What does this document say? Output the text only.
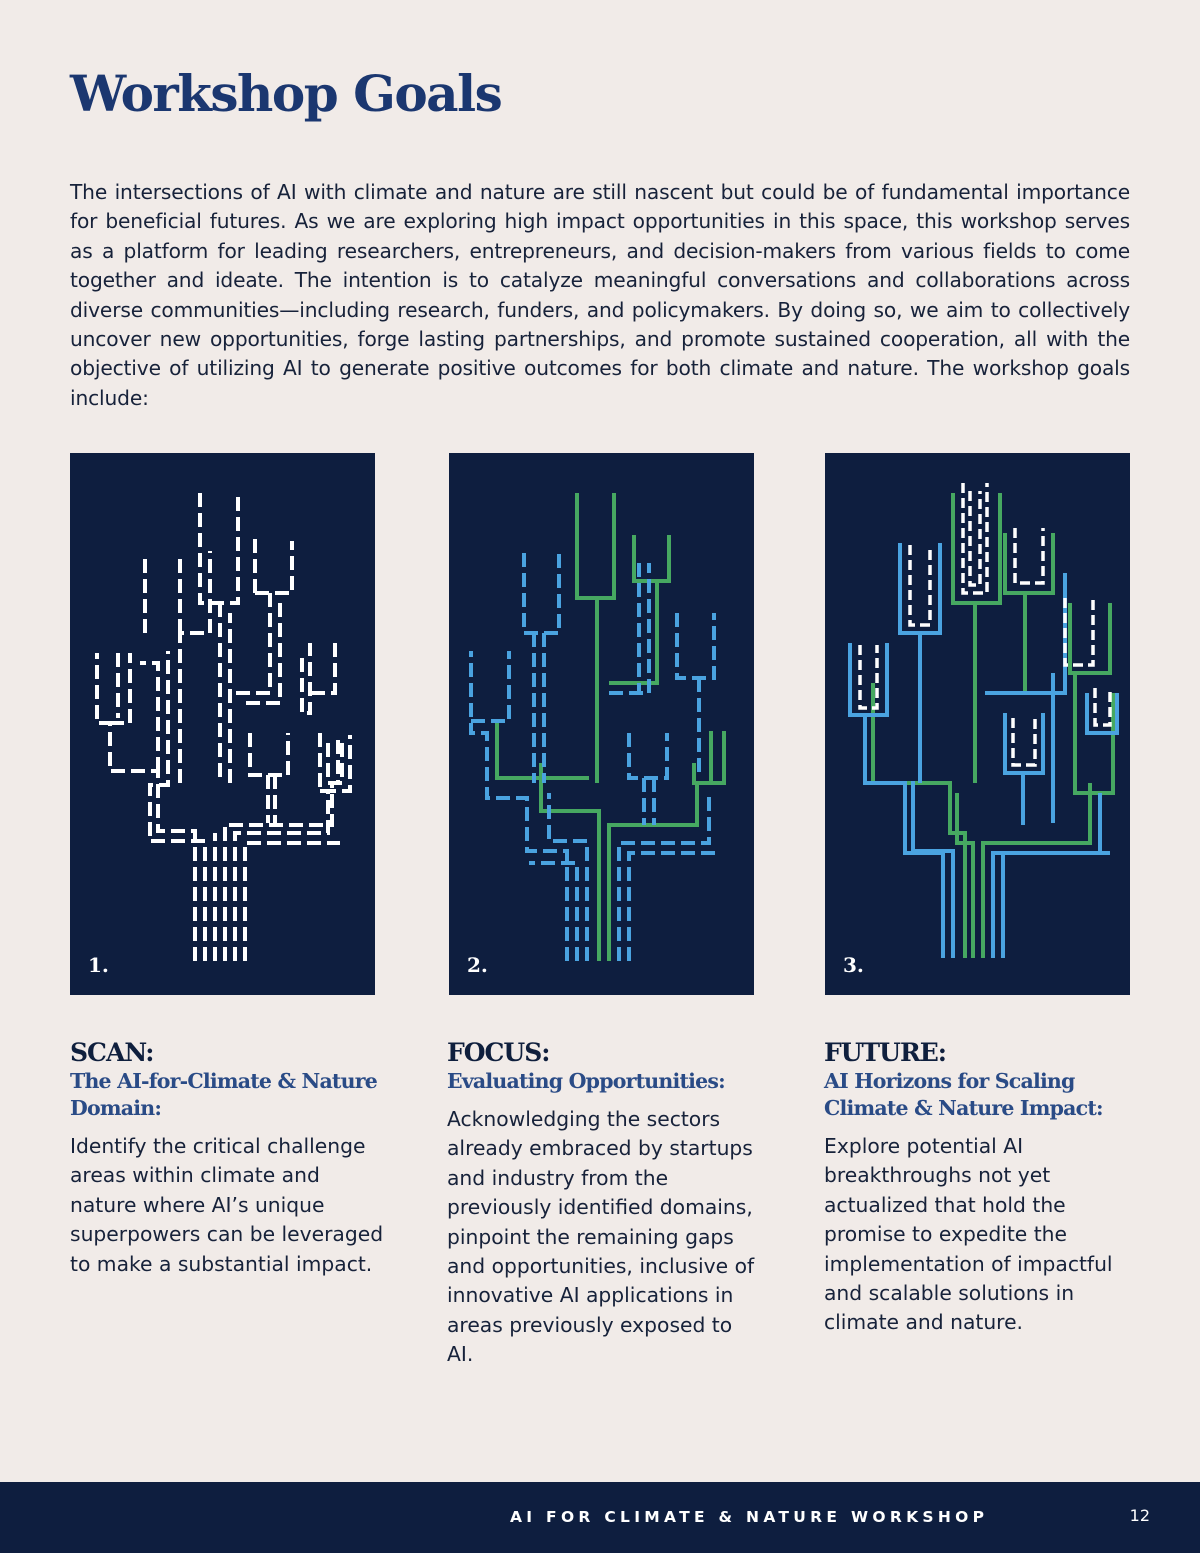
Workshop Goals

The intersections of AI with climate and nature are still nascent but could be of fundamental importance for beneficial futures. As we are exploring high impact opportunities in this space, this workshop serves as a platform for leading researchers, entrepreneurs, and decision-makers from various fields to come together and ideate. The intention is to catalyze meaningful conversations and collaborations across diverse communities—including research, funders, and policymakers. By doing so, we aim to collectively uncover new opportunities, forge lasting partnerships, and promote sustained cooperation, all with the objective of utilizing AI to generate positive outcomes for both climate and nature. The workshop goals include:

1.	2.	3.
SCAN:
The AI-for-Climate & Nature Domain:
Identify the critical challenge areas within climate and nature where AI’s unique superpowers can be leveraged to make a substantial impact.
FOCUS:
Evaluating Opportunities:
Acknowledging the sectors already embraced by startups and industry from the previously identified domains, pinpoint the remaining gaps and opportunities, inclusive of innovative AI applications in areas previously exposed to AI.
FUTURE:
AI Horizons for Scaling Climate & Nature Impact:
Explore potential AI breakthroughs not yet actualized that hold the promise to expedite the implementation of impactful and scalable solutions in climate and nature.
AI FOR CLIMATE & NATURE WORKSHOP	12
